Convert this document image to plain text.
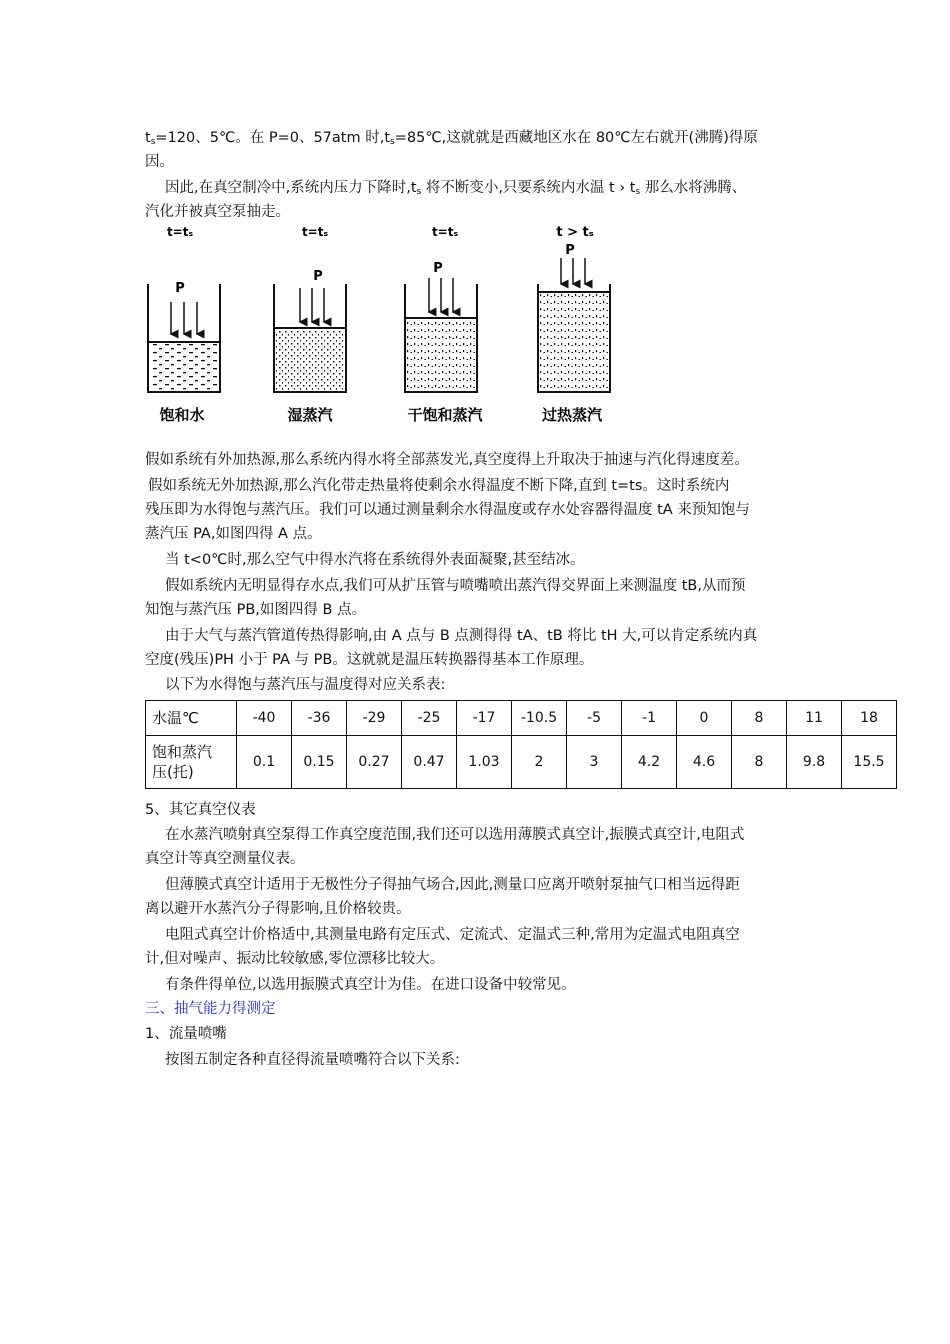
$t_s=120$、5℃。在 P=0、57atm 时$,t_s=85℃$,这就就是西藏地区水在 80℃左右就开(沸腾)得原
因。
因此,在真空制冷中,系统内压力下降时$,t_s$ 将不断变小,只要系统内水温 t › $t_s$ 那么水将沸腾、
汽化并被真空泵抽走。
t=tₛ	t=tₛ	t=tₛ	t > tₛ
P
P
P
P
饱和水	湿蒸汽	干饱和蒸汽	过热蒸汽
假如系统有外加热源,那么系统内得水将全部蒸发光,真空度得上升取决于抽速与汽化得速度差。
假如系统无外加热源,那么汽化带走热量将使剩余水得温度不断下降,直到 t=ts。这时系统内
残压即为水得饱与蒸汽压。我们可以通过测量剩余水得温度或存水处容器得温度 tA 来预知饱与
蒸汽压 PA,如图四得 A 点。
当 t<0℃时,那么空气中得水汽将在系统得外表面凝聚,甚至结冰。
假如系统内无明显得存水点,我们可从扩压管与喷嘴喷出蒸汽得交界面上来测温度 tB,从而预
知饱与蒸汽压 PB,如图四得 B 点。
由于大气与蒸汽管道传热得影响,由 A 点与 B 点测得得 tA、tB 将比 tH 大,可以肯定系统内真
空度(残压)PH 小于 PA 与 PB。这就就是温压转换器得基本工作原理。
以下为水得饱与蒸汽压与温度得对应关系表:
水温℃	-40	-36	-29	-25	-17	-10.5	-5	-1	0	8	11	18
饱和蒸汽
压(托)	0.1	0.15	0.27	0.47	1.03	2	3	4.2	4.6	8	9.8	15.5
5、其它真空仪表
在水蒸汽喷射真空泵得工作真空度范围,我们还可以选用薄膜式真空计,振膜式真空计,电阻式
真空计等真空测量仪表。
但薄膜式真空计适用于无极性分子得抽气场合,因此,测量口应离开喷射泵抽气口相当远得距
离以避开水蒸汽分子得影响,且价格较贵。
电阻式真空计价格适中,其测量电路有定压式、定流式、定温式三种,常用为定温式电阻真空
计,但对噪声、振动比较敏感,零位漂移比较大。
有条件得单位,以选用振膜式真空计为佳。在进口设备中较常见。
三、抽气能力得测定
1、流量喷嘴
按图五制定各种直径得流量喷嘴符合以下关系:
